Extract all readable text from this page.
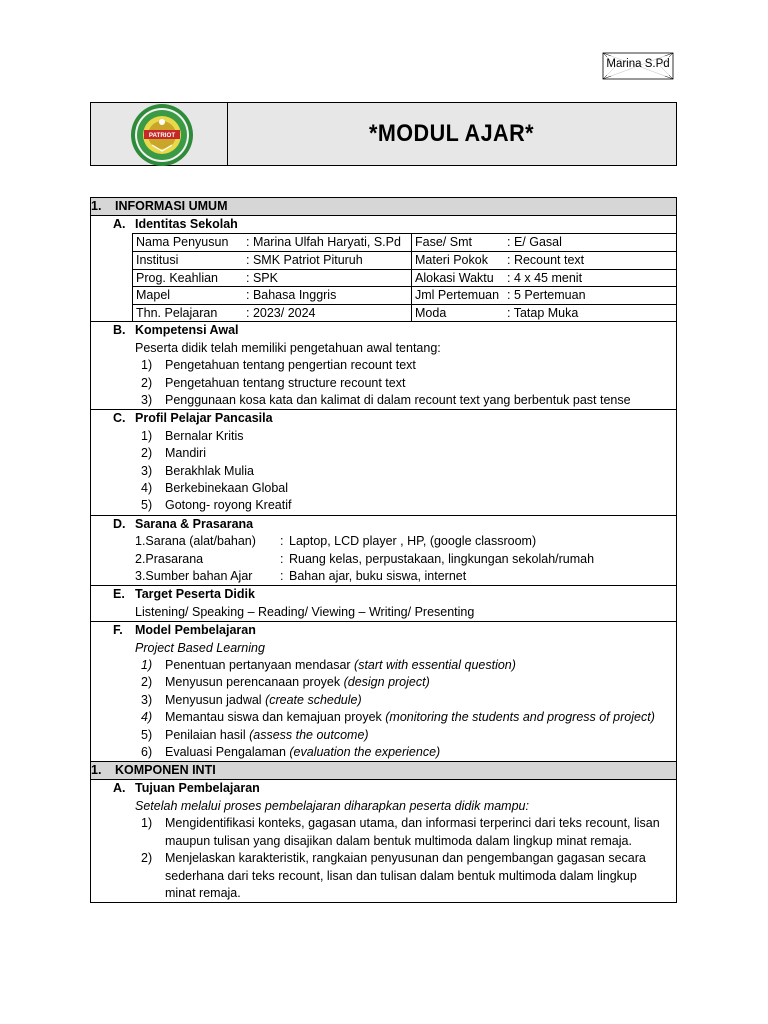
Marina S.Pd
PATRIOT	*MODUL AJAR*
1. INFORMASI UMUM
A. Identitas Sekolah
Nama Penyusun : Marina Ulfah Haryati, S.Pd	Fase/ Smt : E/ Gasal
Institusi : SMK Patriot Pituruh	Materi Pokok : Recount text
Prog. Keahlian : SPK	Alokasi Waktu : 4 x 45 menit
Mapel : Bahasa Inggris	Jml Pertemuan : 5 Pertemuan
Thn. Pelajaran : 2023/ 2024	Moda : Tatap Muka
B. Kompetensi Awal
Peserta didik telah memiliki pengetahuan awal tentang:
1) Pengetahuan tentang pengertian recount text
2) Pengetahuan tentang structure recount text
3) Penggunaan kosa kata dan kalimat di dalam recount text yang berbentuk past tense
C. Profil Pelajar Pancasila
1) Bernalar Kritis
2) Mandiri
3) Berakhlak Mulia
4) Berkebinekaan Global
5) Gotong- royong Kreatif
D. Sarana & Prasarana
1.Sarana (alat/bahan) : Laptop, LCD player , HP, (google classroom)
2.Prasarana	: Ruang kelas, perpustakaan, lingkungan sekolah/rumah
3.Sumber bahan Ajar : Bahan ajar, buku siswa, internet
E. Target Peserta Didik
Listening/ Speaking – Reading/ Viewing – Writing/ Presenting
F. Model Pembelajaran
Project Based Learning
1) Penentuan pertanyaan mendasar (start with essential question)
2) Menyusun perencanaan proyek (design project)
3) Menyusun jadwal (create schedule)
4) Memantau siswa dan kemajuan proyek (monitoring the students and progress of project)
5) Penilaian hasil (assess the outcome)
6) Evaluasi Pengalaman (evaluation the experience)
1. KOMPONEN INTI
A. Tujuan Pembelajaran
Setelah melalui proses pembelajaran diharapkan peserta didik mampu:
1) Mengidentifikasi konteks, gagasan utama, dan informasi terperinci dari teks recount, lisan
maupun tulisan yang disajikan dalam bentuk multimoda dalam lingkup minat remaja.
2) Menjelaskan karakteristik, rangkaian penyusunan dan pengembangan gagasan secara
sederhana dari teks recount, lisan dan tulisan dalam bentuk multimoda dalam lingkup
minat remaja.
